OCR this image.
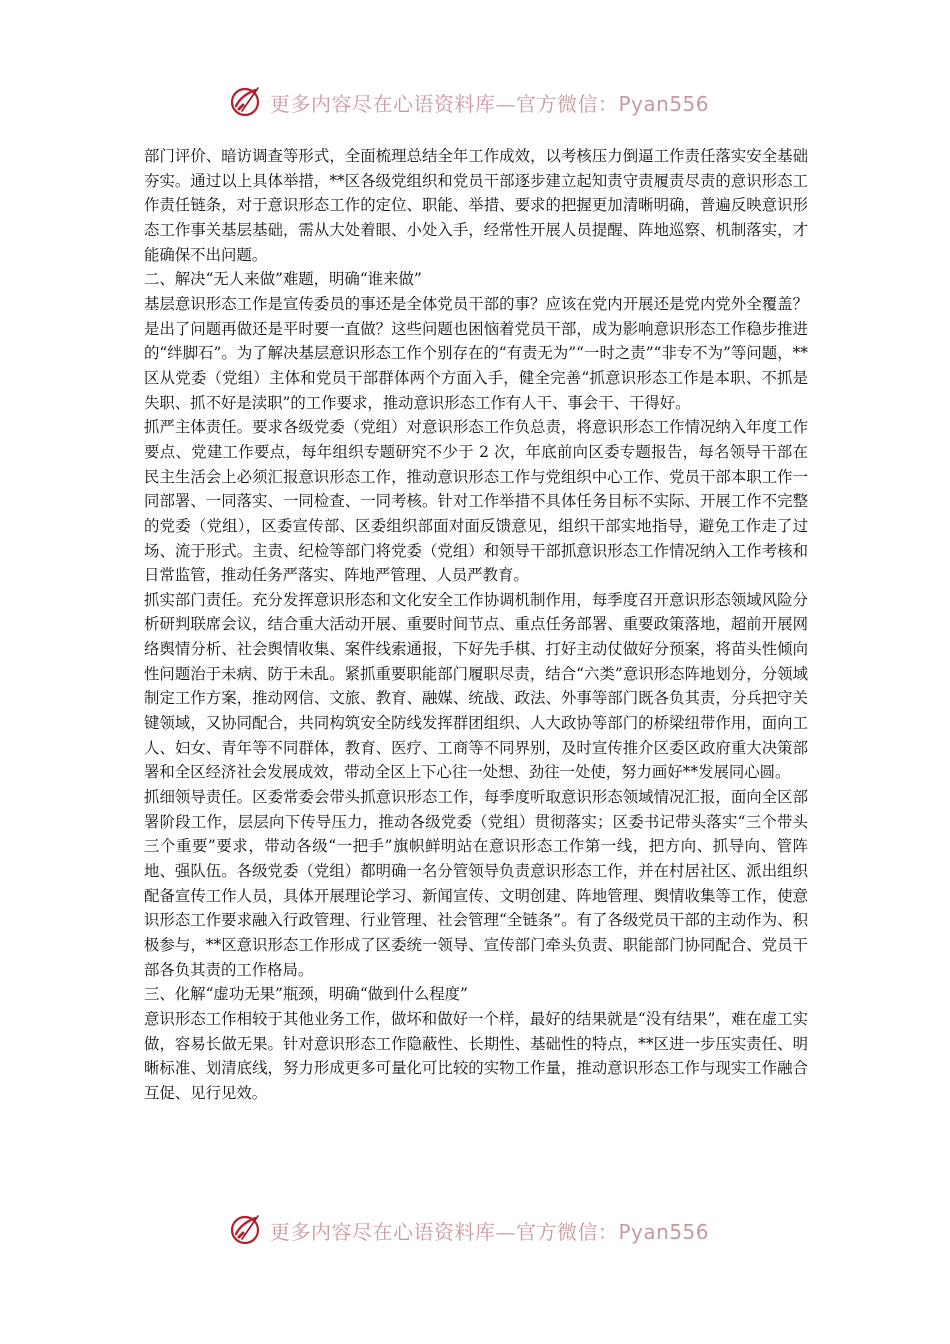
更多内容尽在心语资料库—官方微信：Pyan556

部门评价、暗访调查等形式，全面梳理总结全年工作成效，以考核压力倒逼工作责任落实安全基础夯实。通过以上具体举措，**区各级党组织和党员干部逐步建立起知责守责履责尽责的意识形态工作责任链条，对于意识形态工作的定位、职能、举措、要求的把握更加清晰明确，普遍反映意识形态工作事关基层基础，需从大处着眼、小处入手，经常性开展人员提醒、阵地巡察、机制落实，才能确保不出问题。

二、解决“无人来做”难题，明确“谁来做”

基层意识形态工作是宣传委员的事还是全体党员干部的事？应该在党内开展还是党内党外全覆盖？是出了问题再做还是平时要一直做？这些问题也困恼着党员干部，成为影响意识形态工作稳步推进的“绊脚石”。为了解决基层意识形态工作个别存在的“有责无为”“一时之责”“非专不为”等问题，**区从党委（党组）主体和党员干部群体两个方面入手，健全完善“抓意识形态工作是本职、不抓是失职、抓不好是渎职”的工作要求，推动意识形态工作有人干、事会干、干得好。

抓严主体责任。要求各级党委（党组）对意识形态工作负总责，将意识形态工作情况纳入年度工作要点、党建工作要点，每年组织专题研究不少于 2 次，年底前向区委专题报告，每名领导干部在民主生活会上必须汇报意识形态工作，推动意识形态工作与党组织中心工作、党员干部本职工作一同部署、一同落实、一同检查、一同考核。针对工作举措不具体任务目标不实际、开展工作不完整的党委（党组），区委宣传部、区委组织部面对面反馈意见，组织干部实地指导，避免工作走了过场、流于形式。主责、纪检等部门将党委（党组）和领导干部抓意识形态工作情况纳入工作考核和日常监管，推动任务严落实、阵地严管理、人员严教育。

抓实部门责任。充分发挥意识形态和文化安全工作协调机制作用，每季度召开意识形态领域风险分析研判联席会议，结合重大活动开展、重要时间节点、重点任务部署、重要政策落地，超前开展网络舆情分析、社会舆情收集、案件线索通报，下好先手棋、打好主动仗做好分预案，将苗头性倾向性问题治于未病、防于未乱。紧抓重要职能部门履职尽责，结合“六类”意识形态阵地划分，分领域制定工作方案，推动网信、文旅、教育、融媒、统战、政法、外事等部门既各负其责，分兵把守关键领域，又协同配合，共同构筑安全防线发挥群团组织、人大政协等部门的桥梁纽带作用，面向工人、妇女、青年等不同群体，教育、医疗、工商等不同界别，及时宣传推介区委区政府重大决策部署和全区经济社会发展成效，带动全区上下心往一处想、劲往一处使，努力画好**发展同心圆。

抓细领导责任。区委常委会带头抓意识形态工作，每季度听取意识形态领域情况汇报，面向全区部署阶段工作，层层向下传导压力，推动各级党委（党组）贯彻落实；区委书记带头落实“三个带头三个重要”要求，带动各级“一把手”旗帜鲜明站在意识形态工作第一线，把方向、抓导向、管阵地、强队伍。各级党委（党组）都明确一名分管领导负责意识形态工作，并在村居社区、派出组织配备宣传工作人员，具体开展理论学习、新闻宣传、文明创建、阵地管理、舆情收集等工作，使意识形态工作要求融入行政管理、行业管理、社会管理“全链条”。有了各级党员干部的主动作为、积极参与，**区意识形态工作形成了区委统一领导、宣传部门牵头负责、职能部门协同配合、党员干部各负其责的工作格局。

三、化解“虚功无果”瓶颈，明确“做到什么程度”

意识形态工作相较于其他业务工作，做坏和做好一个样，最好的结果就是“没有结果”，难在虚工实做，容易长做无果。针对意识形态工作隐蔽性、长期性、基础性的特点，**区进一步压实责任、明晰标准、划清底线，努力形成更多可量化可比较的实物工作量，推动意识形态工作与现实工作融合互促、见行见效。

更多内容尽在心语资料库—官方微信：Pyan556
